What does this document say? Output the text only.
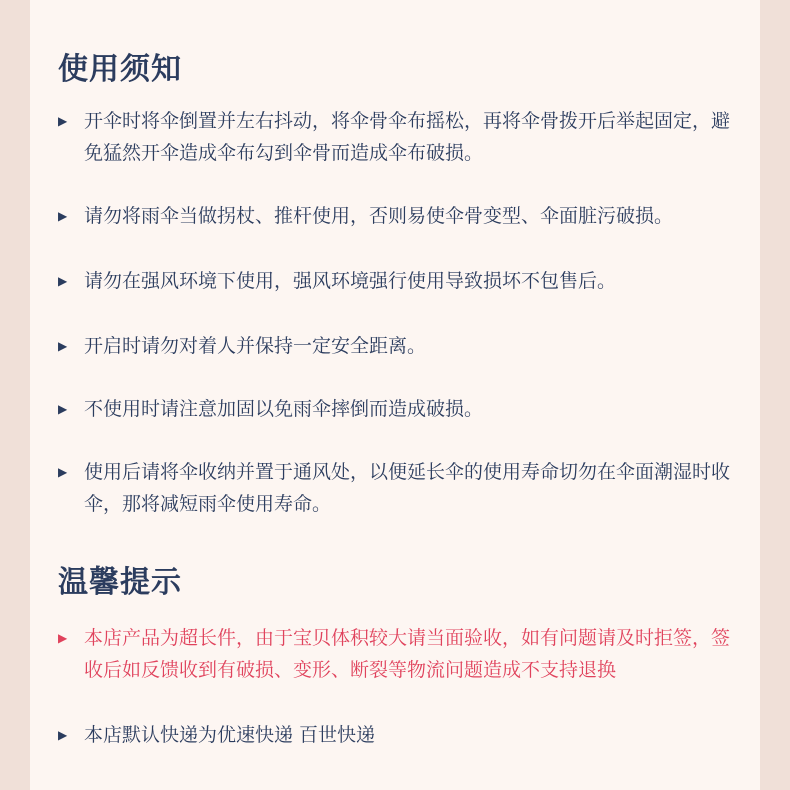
使用须知
▶ 开伞时将伞倒置并左右抖动，将伞骨伞布摇松，再将伞骨拨开后举起固定，避免猛然开伞造成伞布勾到伞骨而造成伞布破损。
▶ 请勿将雨伞当做拐杖、推杆使用，否则易使伞骨变型、伞面脏污破损。
▶ 请勿在强风环境下使用，强风环境强行使用导致损坏不包售后。
▶ 开启时请勿对着人并保持一定安全距离。
▶ 不使用时请注意加固以免雨伞摔倒而造成破损。
▶ 使用后请将伞收纳并置于通风处，以便延长伞的使用寿命切勿在伞面潮湿时收伞，那将减短雨伞使用寿命。
温馨提示
▶ 本店产品为超长件，由于宝贝体积较大请当面验收，如有问题请及时拒签，签收后如反馈收到有破损、变形、断裂等物流问题造成不支持退换
▶ 本店默认快递为优速快递 百世快递
